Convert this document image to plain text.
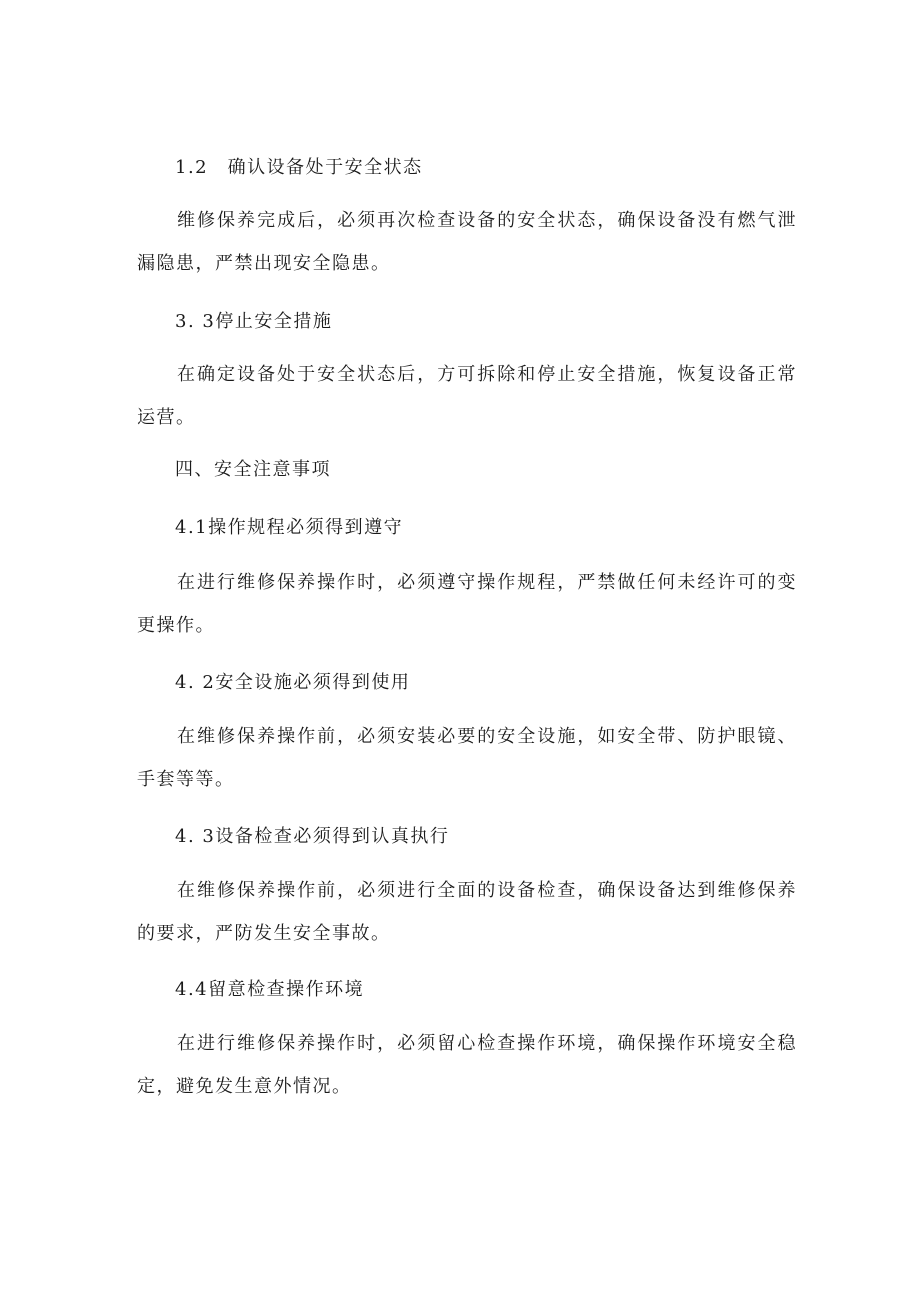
1.2　确认设备处于安全状态
维修保养完成后，必须再次检查设备的安全状态，确保设备没有燃气泄漏隐患，严禁出现安全隐患。
3. 3停止安全措施
在确定设备处于安全状态后，方可拆除和停止安全措施，恢复设备正常运营。
四、安全注意事项
4.1操作规程必须得到遵守
在进行维修保养操作时，必须遵守操作规程，严禁做任何未经许可的变更操作。
4. 2安全设施必须得到使用
在维修保养操作前，必须安装必要的安全设施，如安全带、防护眼镜、手套等等。
4. 3设备检查必须得到认真执行
在维修保养操作前，必须进行全面的设备检查，确保设备达到维修保养的要求，严防发生安全事故。
4.4留意检查操作环境
在进行维修保养操作时，必须留心检查操作环境，确保操作环境安全稳定，避免发生意外情况。
